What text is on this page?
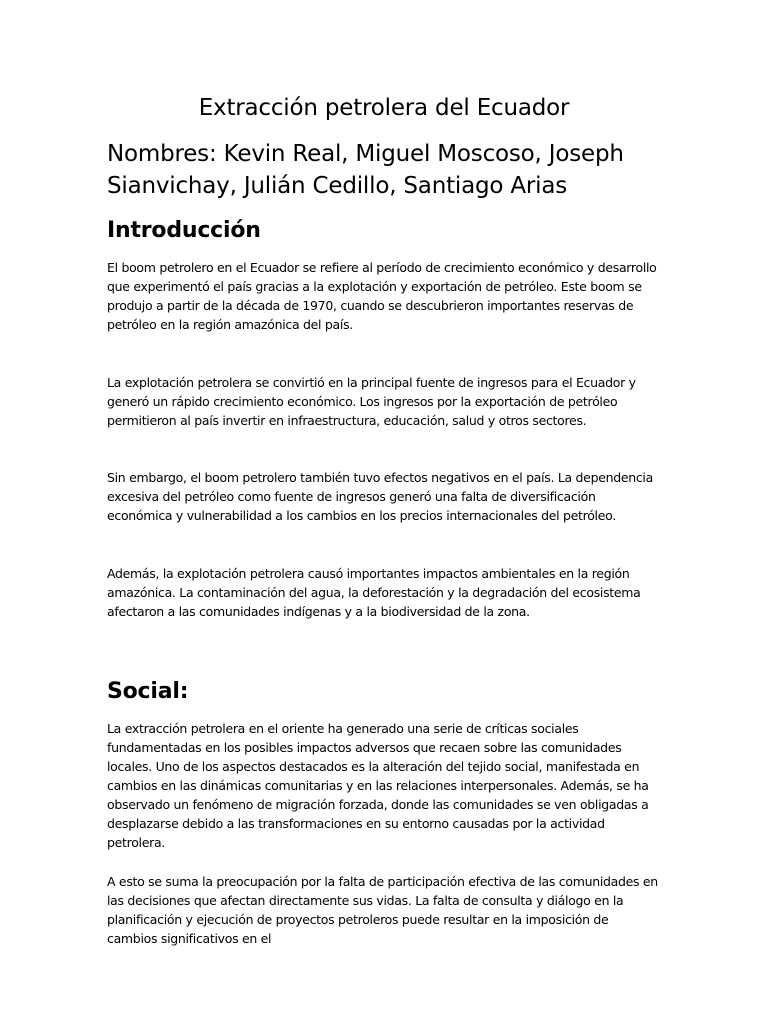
Extracción petrolera del Ecuador

Nombres: Kevin Real, Miguel Moscoso, Joseph Sianvichay, Julián Cedillo, Santiago Arias

Introducción

El boom petrolero en el Ecuador se refiere al período de crecimiento económico y desarrollo que experimentó el país gracias a la explotación y exportación de petróleo. Este boom se produjo a partir de la década de 1970, cuando se descubrieron importantes reservas de petróleo en la región amazónica del país.

La explotación petrolera se convirtió en la principal fuente de ingresos para el Ecuador y generó un rápido crecimiento económico. Los ingresos por la exportación de petróleo permitieron al país invertir en infraestructura, educación, salud y otros sectores.

Sin embargo, el boom petrolero también tuvo efectos negativos en el país. La dependencia excesiva del petróleo como fuente de ingresos generó una falta de diversificación económica y vulnerabilidad a los cambios en los precios internacionales del petróleo.

Además, la explotación petrolera causó importantes impactos ambientales en la región amazónica. La contaminación del agua, la deforestación y la degradación del ecosistema afectaron a las comunidades indígenas y a la biodiversidad de la zona.

Social:

La extracción petrolera en el oriente ha generado una serie de críticas sociales fundamentadas en los posibles impactos adversos que recaen sobre las comunidades locales. Uno de los aspectos destacados es la alteración del tejido social, manifestada en cambios en las dinámicas comunitarias y en las relaciones interpersonales. Además, se ha observado un fenómeno de migración forzada, donde las comunidades se ven obligadas a desplazarse debido a las transformaciones en su entorno causadas por la actividad petrolera.

A esto se suma la preocupación por la falta de participación efectiva de las comunidades en las decisiones que afectan directamente sus vidas. La falta de consulta y diálogo en la planificación y ejecución de proyectos petroleros puede resultar en la imposición de cambios significativos en el
